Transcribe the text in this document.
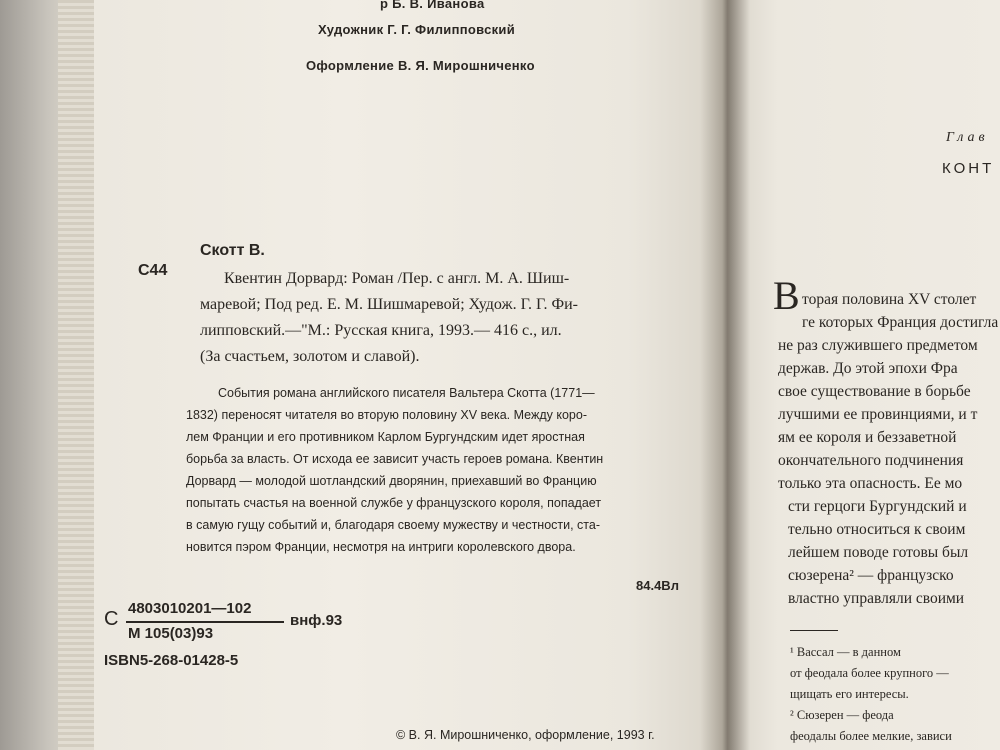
р Б. В. Иванова
Художник Г. Г. Филипповский
Оформление В. Я. Мирошниченко
С44
Скотт В.
Квентин Дорвард: Роман /Пер. с англ. М. А. Шиш-
маревой; Под ред. Е. М. Шишмаревой; Худож. Г. Г. Фи-
липповский.—"М.: Русская книга, 1993.— 416 с., ил.
(За счастьем, золотом и славой).
События романа английского писателя Вальтера Скотта (1771—
1832) переносят читателя во вторую половину XV века. Между коро-
лем Франции и его противником Карлом Бургундским идет яростная
борьба за власть. От исхода ее зависит участь героев романа. Квентин
Дорвард — молодой шотландский дворянин, приехавший во Францию
попытать счастья на военной службе у французского короля, попадает
в самую гущу событий и, благодаря своему мужеству и честности, ста-
новится пэром Франции, несмотря на интриги королевского двора.
84.4Вл
С 4803010201—102
М 105(03)93
внф.93
ISBN5-268-01428-5
© В. Я. Мирошниченко, оформление, 1993 г.
Глав
КОНТ
В торая половина XV столет
ге которых Франция достигла
не раз служившего предметом
держав. До этой эпохи Фра
свое существование в борьбе
лучшими ее провинциями, и т
ям ее короля и беззаветной
окончательного подчинения
только эта опасность. Ее мо
сти герцоги Бургундский и
тельно относиться к своим
лейшем поводе готовы был
сюзерена² — французско
властно управляли своими
¹ Вассал — в данном
от феодала более крупного —
щищать его интересы.
² Сюзерен — феода
феодалы более мелкие, зависи
